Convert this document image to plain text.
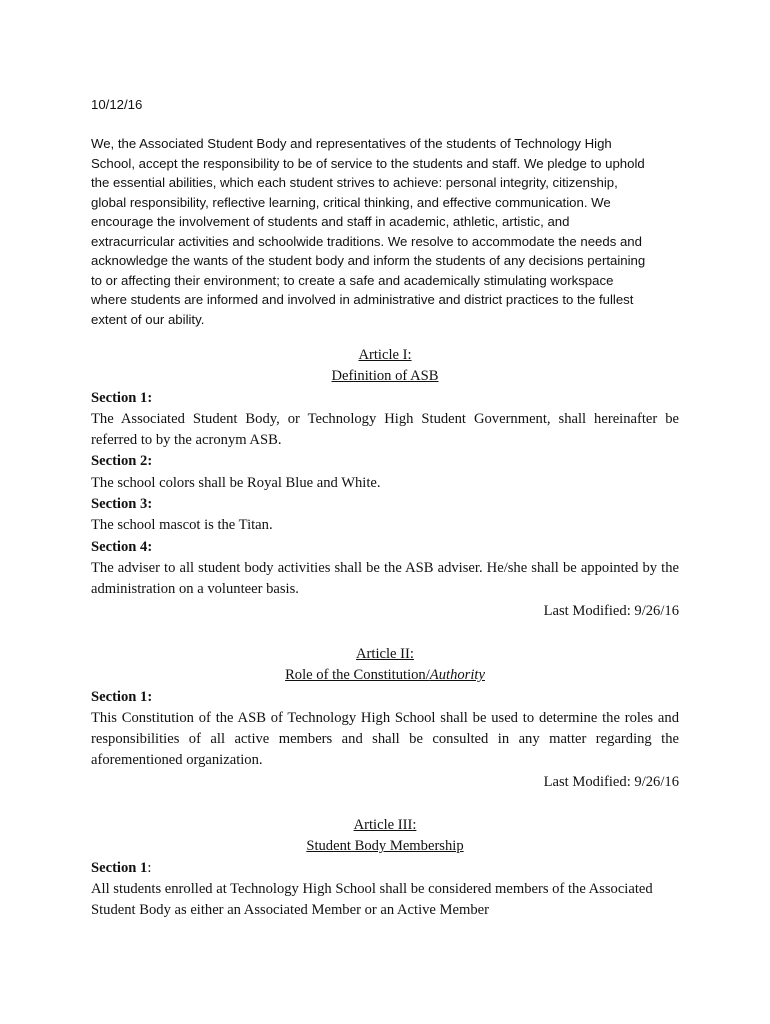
10/12/16

We, the Associated Student Body and representatives of the students of Technology High School, accept the responsibility to be of service to the students and staff. We pledge to uphold the essential abilities, which each student strives to achieve: personal integrity, citizenship, global responsibility, reflective learning, critical thinking, and effective communication. We encourage the involvement of students and staff in academic, athletic, artistic, and extracurricular activities and schoolwide traditions. We resolve to accommodate the needs and acknowledge the wants of the student body and inform the students of any decisions pertaining to or affecting their environment; to create a safe and academically stimulating workspace where students are informed and involved in administrative and district practices to the fullest extent of our ability.

Article I:

Definition of ASB

Section 1:

The Associated Student Body, or Technology High Student Government, shall hereinafter be referred to by the acronym ASB.

Section 2:

The school colors shall be Royal Blue and White.

Section 3:

The school mascot is the Titan.

Section 4:

The adviser to all student body activities shall be the ASB adviser. He/she shall be appointed by the administration on a volunteer basis.

Last Modified: 9/26/16

Article II:

Role of the Constitution/Authority

Section 1:

This Constitution of the ASB of Technology High School shall be used to determine the roles and responsibilities of all active members and shall be consulted in any matter regarding the aforementioned organization.

Last Modified: 9/26/16

Article III:

Student Body Membership

Section 1:

All students enrolled at Technology High School shall be considered members of the Associated Student Body as either an Associated Member or an Active Member
